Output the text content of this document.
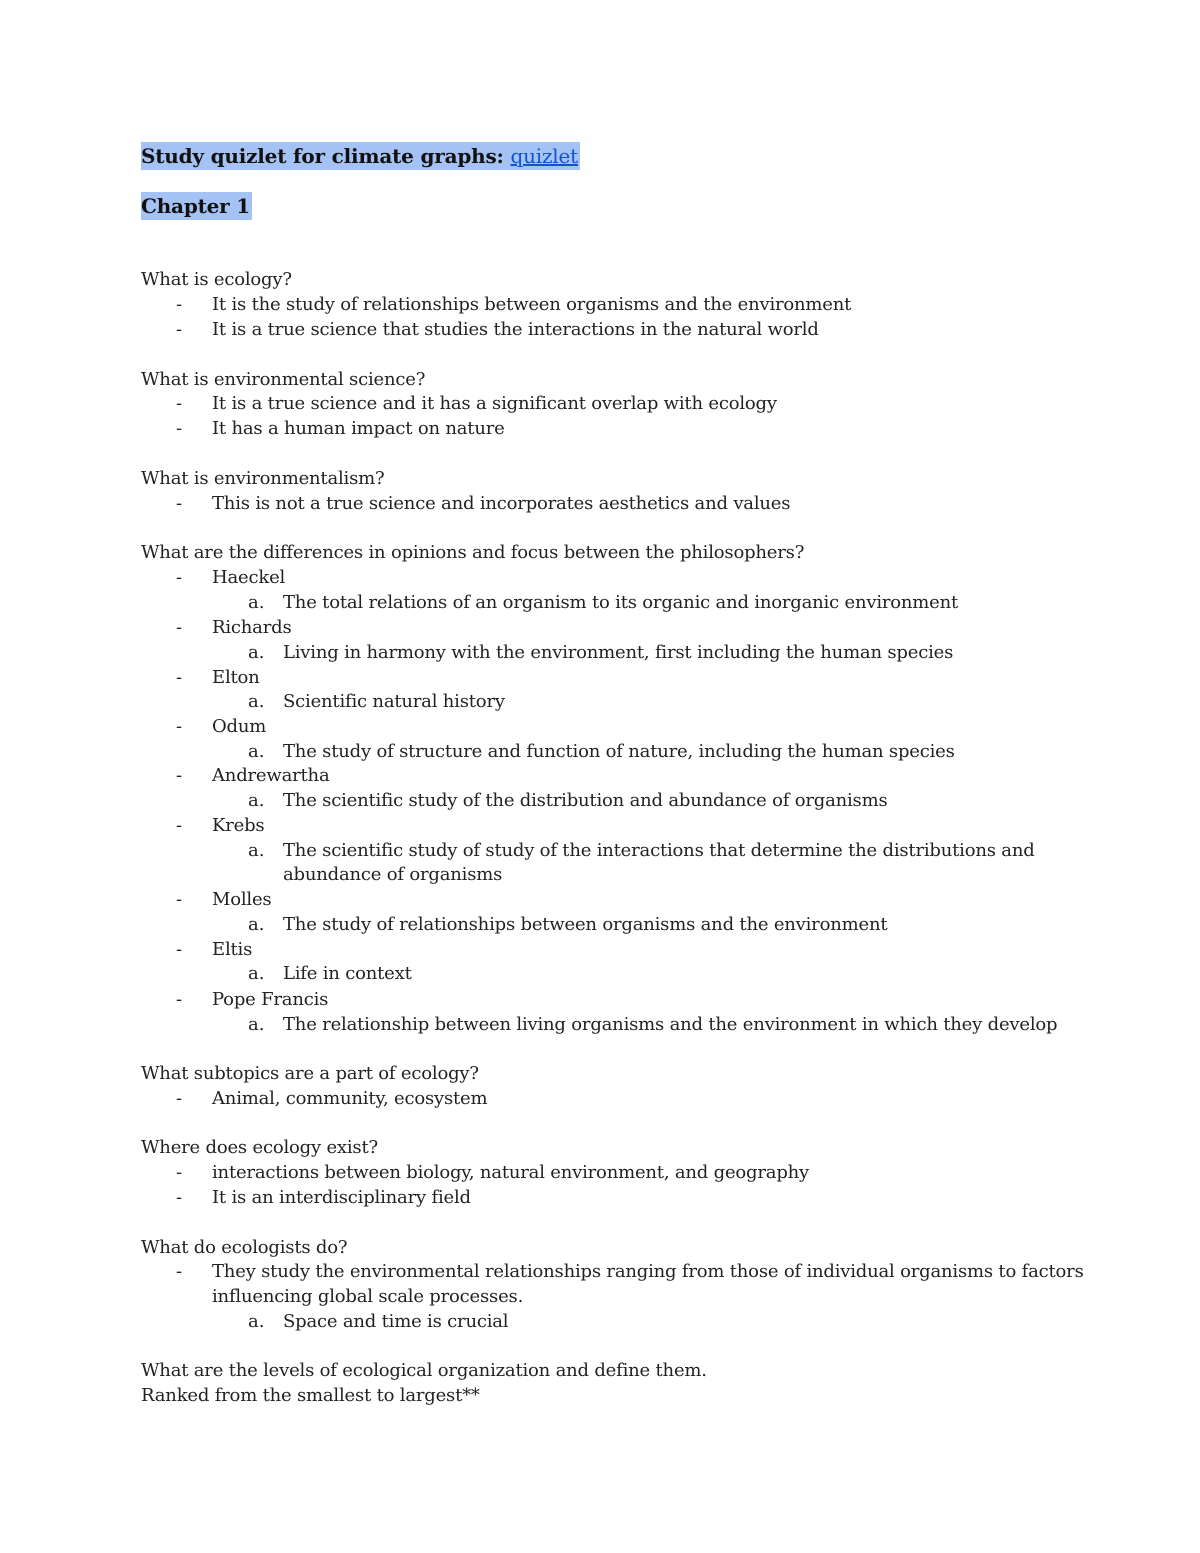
Study quizlet for climate graphs: quizlet
Chapter 1
What is ecology?
- It is the study of relationships between organisms and the environment
- It is a true science that studies the interactions in the natural world
What is environmental science?
- It is a true science and it has a significant overlap with ecology
- It has a human impact on nature
What is environmentalism?
- This is not a true science and incorporates aesthetics and values
What are the differences in opinions and focus between the philosophers?
- Haeckel
a. The total relations of an organism to its organic and inorganic environment
- Richards
a. Living in harmony with the environment, first including the human species
- Elton
a. Scientific natural history
- Odum
a. The study of structure and function of nature, including the human species
- Andrewartha
a. The scientific study of the distribution and abundance of organisms
- Krebs
a. The scientific study of study of the interactions that determine the distributions and
abundance of organisms
- Molles
a. The study of relationships between organisms and the environment
- Eltis
a. Life in context
- Pope Francis
a. The relationship between living organisms and the environment in which they develop
What subtopics are a part of ecology?
- Animal, community, ecosystem
Where does ecology exist?
- interactions between biology, natural environment, and geography
- It is an interdisciplinary field
What do ecologists do?
- They study the environmental relationships ranging from those of individual organisms to factors
influencing global scale processes.
a. Space and time is crucial
What are the levels of ecological organization and define them.
Ranked from the smallest to largest**
